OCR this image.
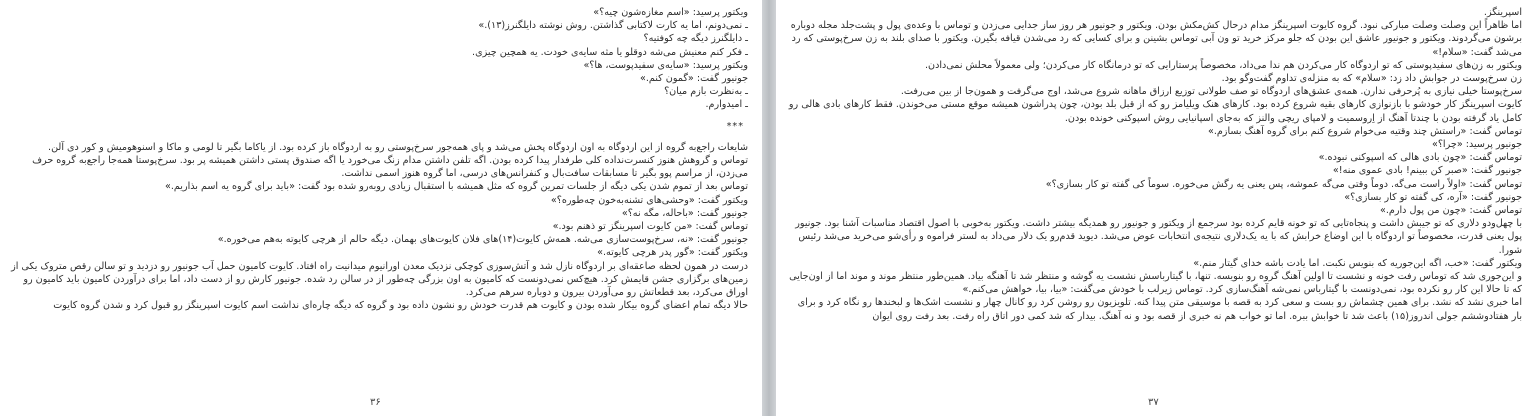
ویکتور پرسید: «اسم مغازه‌شون چیه؟»

ـ نمی‌دونم، اما یه کارت لاکتابی گذاشتن. روش نوشته دایلگنرز(۱۳).»

ـ دایلگنرز دیگه چه کوفتیه؟

ـ فکر کنم معنیش می‌شه دوقلو یا مثه سایه‌ی خودت. یه همچین چیزی.

ویکتور پرسید: «سایه‌ی سفیدپوست، ها؟»

جونیور گفت: «گمون کنم.»

ـ به‌نظرت بازم میان؟

ـ امیدوارم.

***

شایعات راجع‌به گروه از این اردوگاه به اون اردوگاه پخش می‌شد و پای همه‌جور سرخ‌پوستی رو به اردوگاه باز کرده بود. از یاکاما بگیر تا لومی و ماکا و اسنوهومیش و کور دی آلن.

توماس و گروهش هنوز کنسرت‌نداده کلی طرفدار پیدا کرده بودن. اگه تلفن داشتن مدام زنگ می‌خورد یا اگه صندوق پستی داشتن همیشه پر بود. سرخ‌پوستا همه‌جا راجع‌به گروه حرف می‌زدن، از مراسم پوو بگیر تا مسابقات سافت‌بال و کنفرانس‌های درسی، اما گروه هنوز اسمی نداشت.

توماس بعد از تموم شدن یکی دیگه از جلسات تمرین گروه که مثل همیشه با استقبال زیادی روبه‌رو شده بود گفت: «باید برای گروه یه اسم بذاریم.»

ویکتور گفت: «وحشی‌های تشنه‌به‌خون چه‌طوره؟»

جونیور گفت: «باحاله، مگه نه؟»

توماس گفت: «من کایوت اسپرینگز تو ذهنم بود.»

جونیور گفت: «نه، سرخ‌پوست‌سازی می‌شه. همه‌ش کایوت(۱۴)های فلان کایوت‌های بهمان. دیگه حالم از هرچی کایوته به‌هم می‌خوره.»

ویکتور گفت: «گور پدر هرچی کایوته.»

درست در همون لحظه صاعقه‌ای بر اردوگاه نازل شد و آتش‌سوزی کوچکی نزدیک معدن اورانیوم میدانیت راه افتاد. کایوت کامیون حمل آب جونیور رو دزدید و تو سالن رقص متروک یکی از زمین‌های برگزاری جشن قایمش کرد. هیچ‌کس نمی‌دونست که کامیون به اون بزرگی چه‌طور از در سالن رد شده. جونیور کارش رو از دست داد، اما برای درآوردن کامیون باید کامیون رو اوراق می‌کرد، بعد قطعاتش رو می‌آوردن بیرون و دوباره سرهم می‌کرد.

حالا دیگه تمام اعضای گروه بیکار شده بودن و کایوت هم قدرت خودش رو نشون داده بود و گروه که دیگه چاره‌ای نداشت اسم کایوت اسپرینگز رو قبول کرد و شدن گروه کایوت

۳۶

اسپرینگز.

اما ظاهراً این وصلت وصلت مبارکی نبود. گروه کایوت اسپرینگز مدام درحال کش‌مکش بودن. ویکتور و جونیور هر روز ساز جدایی می‌زدن و توماس با وعده‌ی پول و پشت‌جلد مجله دوباره برشون می‌گردوند. ویکتور و جونیور عاشق این بودن که جلو مرکز خرید تو ون آبی توماس بشینن و برای کسایی که رد می‌شدن قیافه بگیرن. ویکتور با صدای بلند به زن سرخ‌پوستی که رد می‌شد گفت: «سلام!»

ویکتور به زن‌های سفیدپوستی که تو اردوگاه کار می‌کردن هم ندا می‌داد، مخصوصاً پرستارایی که تو درمانگاه کار می‌کردن؛ ولی معمولاً محلش نمی‌دادن.

زن سرخ‌پوست در جوابش داد زد: «سلام» که به منزله‌ی تداوم گفت‌وگو بود.

سرخ‌پوستا خیلی نیازی به پُرحرفی ندارن. همه‌ی عشق‌های اردوگاه تو صف طولانی توزیع ارزاق ماهانه شروع می‌شد، اوج می‌گرفت و همون‌جا از بین می‌رفت.

کایوت اسپرینگز کار خودشو با بازنوازی کارهای بقیه شروع کرده بود. کارهای هنک ویلیامز رو که از قبل بلد بودن، چون پدراشون همیشه موقع مستی می‌خوندن. فقط کارهای بادی هالی رو کامل یاد گرفته بودن با چندتا آهنگ از اِروسمیت و لامپای ریچی والنز که به‌جای اسپانیایی روش اسپوکنی خونده بودن.

توماس گفت: «راستش چند وقتیه می‌خوام شروع کنم برای گروه آهنگ بسازم.»

جونیور پرسید: «چرا؟»

توماس گفت: «چون بادی هالی که اسپوکنی نبوده.»

جونیور گفت: «صبر کن ببینم! بادی عموی منه!»

توماس گفت: «اولاً راست می‌گه. دوماً وقتی می‌گه عموشه، پس یعنی یه رگش می‌خوره. سوماً کی گفته تو کار بسازی؟»

جونیور گفت: «آره، کی گفته تو کار بسازی؟»

توماس گفت: «چون من پول دارم.»

با چهل‌ودو دلاری که تو جیبش داشت و پنجاه‌تایی که تو خونه قایم کرده بود سرجمع از ویکتور و جونیور رو همدیگه بیشتر داشت. ویکتور به‌خوبی با اصول اقتصاد مناسبات آشنا بود. جونیور پول یعنی قدرت، مخصوصاً تو اردوگاه با این اوضاع خرابش که با یه یک‌دلاری نتیجه‌ی انتخابات عوض می‌شد. دیوید قدم‌رو یک دلار می‌داد به لستر فراموه و رأی‌شو می‌خرید می‌شد رئیس شورا.

ویکتور گفت: «خب، اگه این‌جوریه که بنویس نکبت. اما یادت باشه خدای گیتار منم.»

و این‌جوری شد که توماس رفت خونه و نشست تا اولین آهنگ گروه رو بنویسه. تنها، با گیتارباسش نشست یه گوشه و منتظر شد تا آهنگه بیاد. همین‌طور منتظر موند و موند اما از اون‌جایی که تا حالا این کار رو نکرده بود، نمی‌دونست با گیتارباس نمی‌شه آهنگ‌سازی کرد. توماس زیرلب با خودش می‌گفت: «بیا، بیا، خواهش می‌کنم.»

اما خبری نشد که نشد. برای همین چشماش رو بست و سعی کرد به قصه با موسیقی متن پیدا کنه. تلویزیون رو روشن کرد رو کانال چهار و نشست اشک‌ها و لبخندها رو نگاه کرد و برای بار هفتادوششم جولی اندروز(۱۵) باعث شد تا خوابش ببره. اما تو خواب هم نه خبری از قصه بود و نه آهنگ. بیدار که شد کمی دور اتاق راه رفت. بعد رفت روی ایوان

۳۷
